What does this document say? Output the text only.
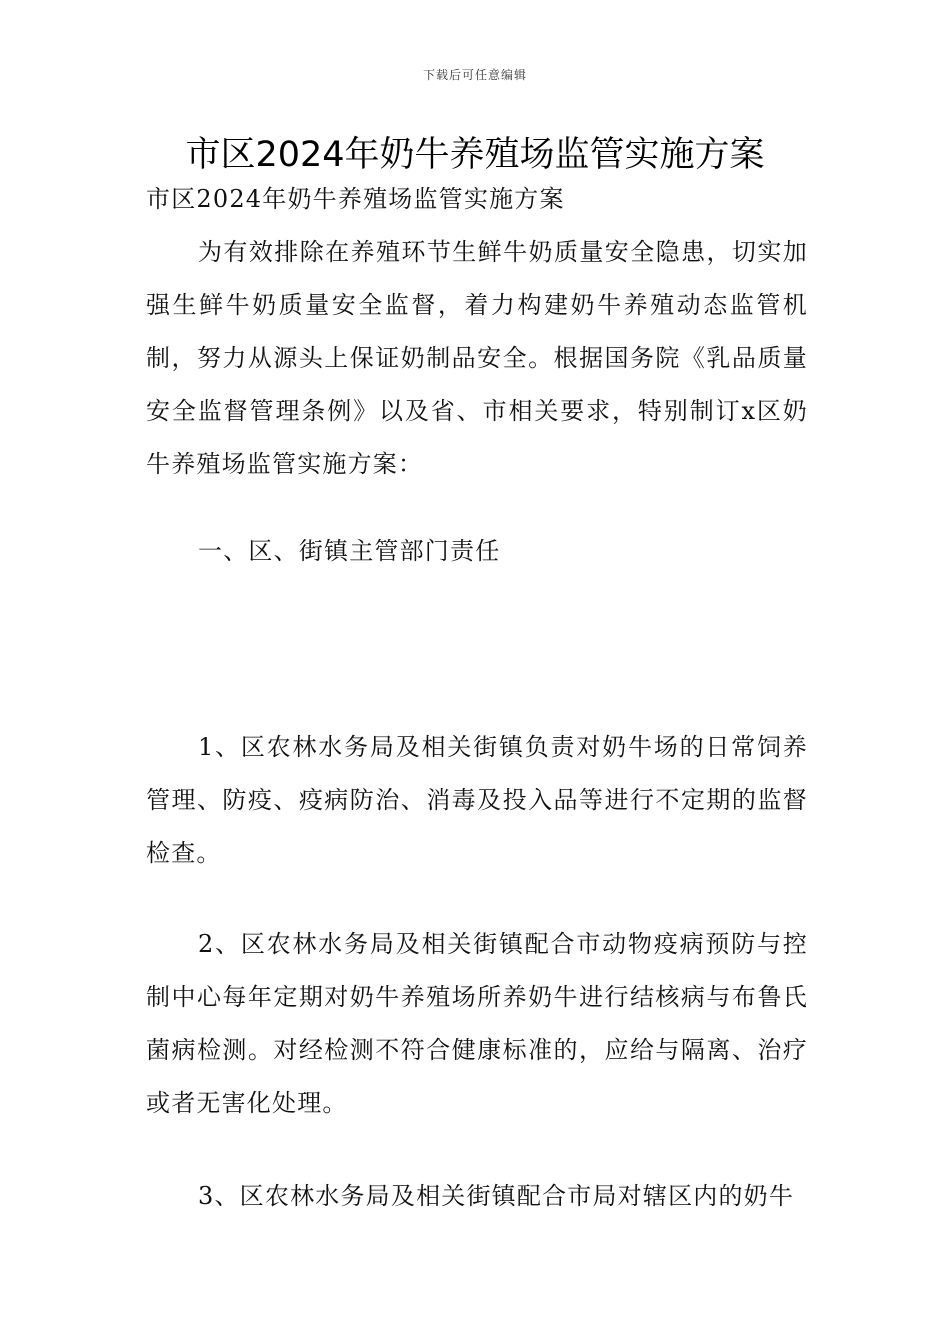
下载后可任意编辑
市区2024年奶牛养殖场监管实施方案

市区2024年奶牛养殖场监管实施方案

为有效排除在养殖环节生鲜牛奶质量安全隐患，切实加强生鲜牛奶质量安全监督，着力构建奶牛养殖动态监管机制，努力从源头上保证奶制品安全。根据国务院《乳品质量安全监督管理条例》以及省、市相关要求，特别制订x区奶牛养殖场监管实施方案：

一、区、街镇主管部门责任

1、区农林水务局及相关街镇负责对奶牛场的日常饲养管理、防疫、疫病防治、消毒及投入品等进行不定期的监督检查。

2、区农林水务局及相关街镇配合市动物疫病预防与控制中心每年定期对奶牛养殖场所养奶牛进行结核病与布鲁氏菌病检测。对经检测不符合健康标准的，应给与隔离、治疗或者无害化处理。

3、区农林水务局及相关街镇配合市局对辖区内的奶牛
